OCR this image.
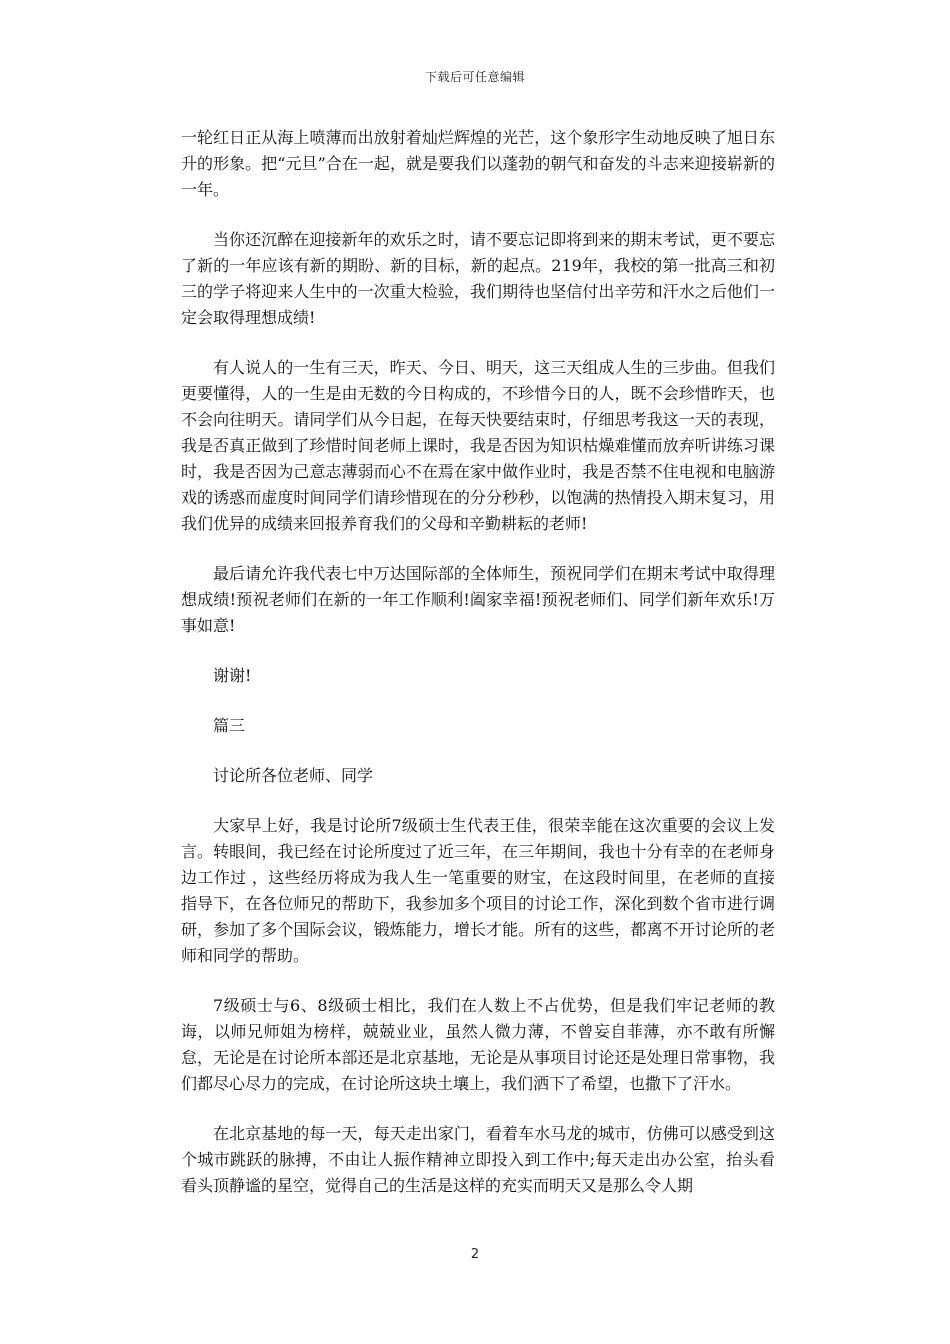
下载后可任意编辑

一轮红日正从海上喷薄而出放射着灿烂辉煌的光芒，这个象形字生动地反映了旭日东升的形象。把“元旦”合在一起，就是要我们以蓬勃的朝气和奋发的斗志来迎接崭新的一年。

当你还沉醉在迎接新年的欢乐之时，请不要忘记即将到来的期末考试，更不要忘了新的一年应该有新的期盼、新的目标，新的起点。219年，我校的第一批高三和初三的学子将迎来人生中的一次重大检验，我们期待也坚信付出辛劳和汗水之后他们一定会取得理想成绩!

有人说人的一生有三天，昨天、今日、明天，这三天组成人生的三步曲。但我们更要懂得，人的一生是由无数的今日构成的，不珍惜今日的人，既不会珍惜昨天，也不会向往明天。请同学们从今日起，在每天快要结束时，仔细思考我这一天的表现，我是否真正做到了珍惜时间老师上课时，我是否因为知识枯燥难懂而放弃听讲练习课时，我是否因为己意志薄弱而心不在焉在家中做作业时，我是否禁不住电视和电脑游戏的诱惑而虚度时间同学们请珍惜现在的分分秒秒，以饱满的热情投入期末复习，用我们优异的成绩来回报养育我们的父母和辛勤耕耘的老师!

最后请允许我代表七中万达国际部的全体师生，预祝同学们在期末考试中取得理想成绩!预祝老师们在新的一年工作顺利!阖家幸福!预祝老师们、同学们新年欢乐!万事如意!

谢谢!

篇三

讨论所各位老师、同学

大家早上好，我是讨论所7级硕士生代表王佳，很荣幸能在这次重要的会议上发言。转眼间，我已经在讨论所度过了近三年，在三年期间，我也十分有幸的在老师身边工作过 ，这些经历将成为我人生一笔重要的财宝，在这段时间里，在老师的直接指导下，在各位师兄的帮助下，我参加多个项目的讨论工作，深化到数个省市进行调研，参加了多个国际会议，锻炼能力，增长才能。所有的这些，都离不开讨论所的老师和同学的帮助。

7级硕士与6、8级硕士相比，我们在人数上不占优势，但是我们牢记老师的教诲，以师兄师姐为榜样，兢兢业业，虽然人微力薄，不曾妄自菲薄，亦不敢有所懈怠，无论是在讨论所本部还是北京基地，无论是从事项目讨论还是处理日常事物，我们都尽心尽力的完成，在讨论所这块土壤上，我们洒下了希望，也撒下了汗水。

在北京基地的每一天，每天走出家门，看着车水马龙的城市，仿佛可以感受到这个城市跳跃的脉搏，不由让人振作精神立即投入到工作中;每天走出办公室，抬头看看头顶静谧的星空，觉得自己的生活是这样的充实而明天又是那么令人期

2
